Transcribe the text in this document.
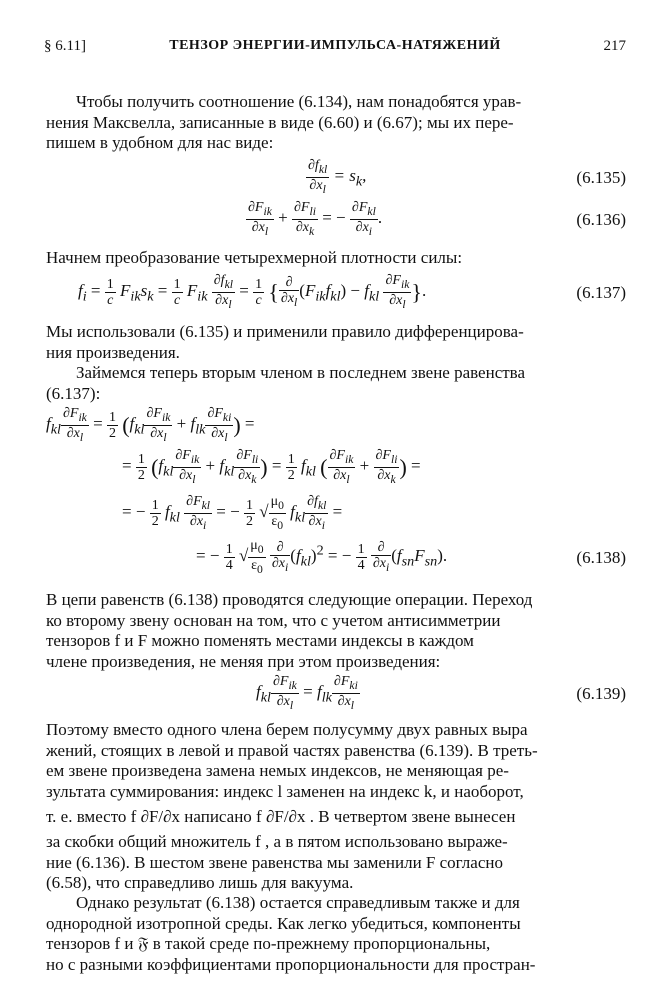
§ 6.11]	ТЕНЗОР ЭНЕРГИИ-ИМПУЛЬСА-НАТЯЖЕНИЙ	217
Чтобы получить соотношение (6.134), нам понадобятся урав-
нения Максвелла, записанные в виде (6.60) и (6.67); мы их пере-
пишем в удобном для нас виде:
$\partial f_{kl}$
$\partial x_l$
= $s_k$,	(6.135)
$\partial F_{ik}$
$\partial x_l$
+
$\partial F_{li}$
$\partial x_k$
= −
$\partial F_{kl}$
$\partial x_i$
.	(6.136)
Начнем преобразование четырехмерной плотности силы:
$f_i = \frac{1}{c} F_{ik}s_k = \frac{1}{c} F_{ik}$
$\partial f_{kl}$
$\partial x_l$
= $\frac{1}{c}$ { ∂
$\partial x_l$
$(F_{ik}f_{kl}) - f_{kl}$
$\partial F_{ik}$
$\partial x_l$ }.	(6.137)
Мы использовали (6.135) и применили правило дифференцирова-
ния произведения.
Займемся теперь вторым членом в последнем звене равенства
(6.137):
$f_{kl}$
$\partial F_{ik}$
$\partial x_l$
= $\frac{1}{2} (f_{kl}$
$\partial F_{ik}$
$\partial x_l$
+ $f_{lk}$
$\partial F_{ki}$
$\partial x_l$ ) =
= $\frac{1}{2} (f_{kl}$
$\partial F_{ik}$
$\partial x_l$
+ $f_{kl}$
$\partial F_{li}$
$\partial x_k$ ) = $\frac{1}{2} f_{kl}$ ( $\partial F_{ik}$
$\partial x_l$
+
$\partial F_{li}$
$\partial x_k$ ) =
= − $\frac{1}{2} f_{kl}$
$\partial F_{kl}$
$\partial x_i$
= − $\frac{1}{2}$ √ $\frac{\mu_0}{\varepsilon_0} f_{kl}$
$\partial f_{kl}$
$\partial x_i$
=
= − $\frac{1}{4}$ √ $\frac{\mu_0}{\varepsilon_0}$
∂
$\partial x_i$
$(f_{kl})^2$ = − $\frac{1}{4}$
∂
$\partial x_i$
$(f_{sn}F_{sn})$.	(6.138)
В цепи равенств (6.138) проводятся следующие операции. Переход
ко второму звену основан на том, что с учетом антисимметрии
тензоров f и F можно поменять местами индексы в каждом
члене произведения, не меняя при этом произведения:
$f_{kl}$
$\partial F_{ik}$
$\partial x_l$
= $f_{lk}$
$\partial F_{ki}$
$\partial x_l$
(6.139)
Поэтому вместо одного члена берем полусумму двух равных выра
жений, стоящих в левой и правой частях равенства (6.139). В треть-
ем звене произведена замена немых индексов, не меняющая ре-
зультата суммирования: индекс l заменен на индекс k, и наоборот,
т. е. вместо f ∂F/∂x написано f ∂F/∂x . В четвертом звене вынесен
за скобки общий множитель f , а в пятом использовано выраже-
ние (6.136). В шестом звене равенства мы заменили F согласно
(6.58), что справедливо лишь для вакуума.
Однако результат (6.138) остается справедливым также и для
однородной изотропной среды. Как легко убедиться, компоненты
тензоров f и 𝔉 в такой среде по-прежнему пропорциональны,
но с разными коэффициентами пропорциональности для простран-
